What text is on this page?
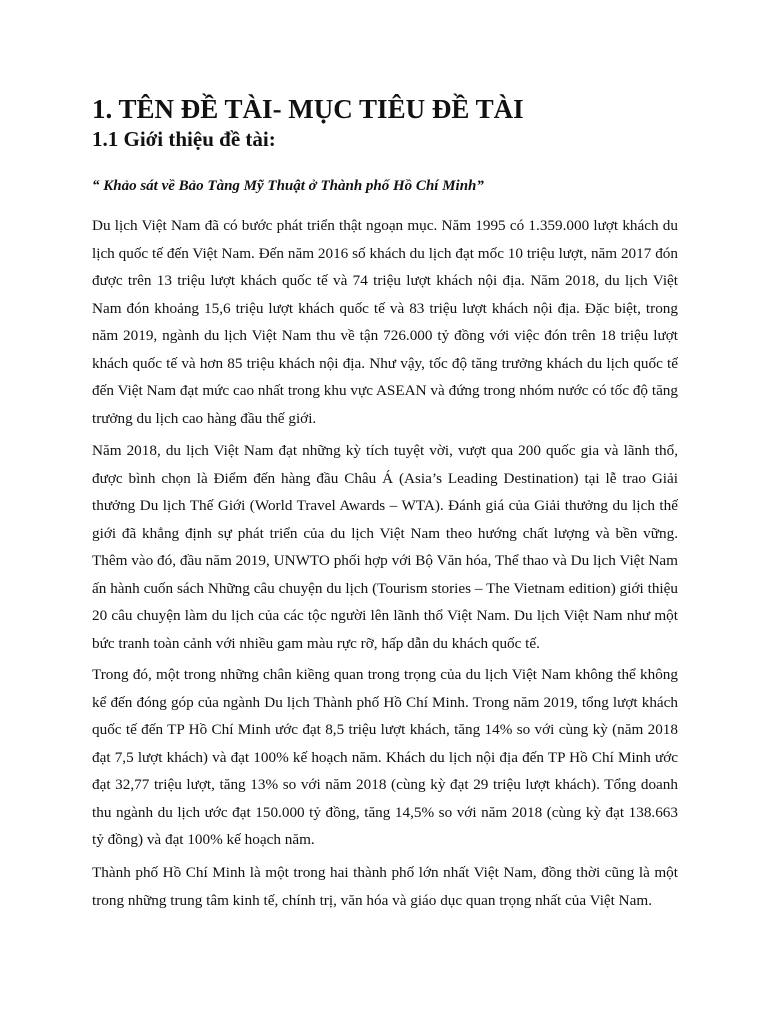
1. TÊN ĐỀ TÀI- MỤC TIÊU ĐỀ TÀI
1.1 Giới thiệu đề tài:

“ Khảo sát về Bảo Tàng Mỹ Thuật ở Thành phố Hồ Chí Minh”

Du lịch Việt Nam đã có bước phát triển thật ngoạn mục. Năm 1995 có 1.359.000 lượt khách du lịch quốc tế đến Việt Nam. Đến năm 2016 số khách du lịch đạt mốc 10 triệu lượt, năm 2017 đón được trên 13 triệu lượt khách quốc tế và 74 triệu lượt khách nội địa. Năm 2018, du lịch Việt Nam đón khoảng 15,6 triệu lượt khách quốc tế và 83 triệu lượt khách nội địa. Đặc biệt, trong năm 2019, ngành du lịch Việt Nam thu về tận 726.000 tỷ đồng với việc đón trên 18 triệu lượt khách quốc tế và hơn 85 triệu khách nội địa. Như vậy, tốc độ tăng trưởng khách du lịch quốc tế đến Việt Nam đạt mức cao nhất trong khu vực ASEAN và đứng trong nhóm nước có tốc độ tăng trưởng du lịch cao hàng đầu thế giới.

Năm 2018, du lịch Việt Nam đạt những kỳ tích tuyệt vời, vượt qua 200 quốc gia và lãnh thổ, được bình chọn là Điểm đến hàng đầu Châu Á (Asia’s Leading Destination) tại lễ trao Giải thưởng Du lịch Thế Giới (World Travel Awards – WTA). Đánh giá của Giải thưởng du lịch thế giới đã khẳng định sự phát triển của du lịch Việt Nam theo hướng chất lượng và bền vững. Thêm vào đó, đầu năm 2019, UNWTO phối hợp với Bộ Văn hóa, Thể thao và Du lịch Việt Nam ấn hành cuốn sách Những câu chuyện du lịch (Tourism stories – The Vietnam edition) giới thiệu 20 câu chuyện làm du lịch của các tộc người lên lãnh thổ Việt Nam. Du lịch Việt Nam như một bức tranh toàn cảnh với nhiều gam màu rực rỡ, hấp dẫn du khách quốc tế.

Trong đó, một trong những chân kiềng quan trong trọng của du lịch Việt Nam không thể không kể đến đóng góp của ngành Du lịch Thành phố Hồ Chí Minh. Trong năm 2019, tổng lượt khách quốc tế đến TP Hồ Chí Minh ước đạt 8,5 triệu lượt khách, tăng 14% so với cùng kỳ (năm 2018 đạt 7,5 lượt khách) và đạt 100% kế hoạch năm. Khách du lịch nội địa đến TP Hồ Chí Minh ước đạt 32,77 triệu lượt, tăng 13% so với năm 2018 (cùng kỳ đạt 29 triệu lượt khách). Tổng doanh thu ngành du lịch ước đạt 150.000 tỷ đồng, tăng 14,5% so với năm 2018 (cùng kỳ đạt 138.663 tỷ đồng) và đạt 100% kế hoạch năm.

Thành phố Hồ Chí Minh là một trong hai thành phố lớn nhất Việt Nam, đồng thời cũng là một trong những trung tâm kinh tế, chính trị, văn hóa và giáo dục quan trọng nhất của Việt Nam.
